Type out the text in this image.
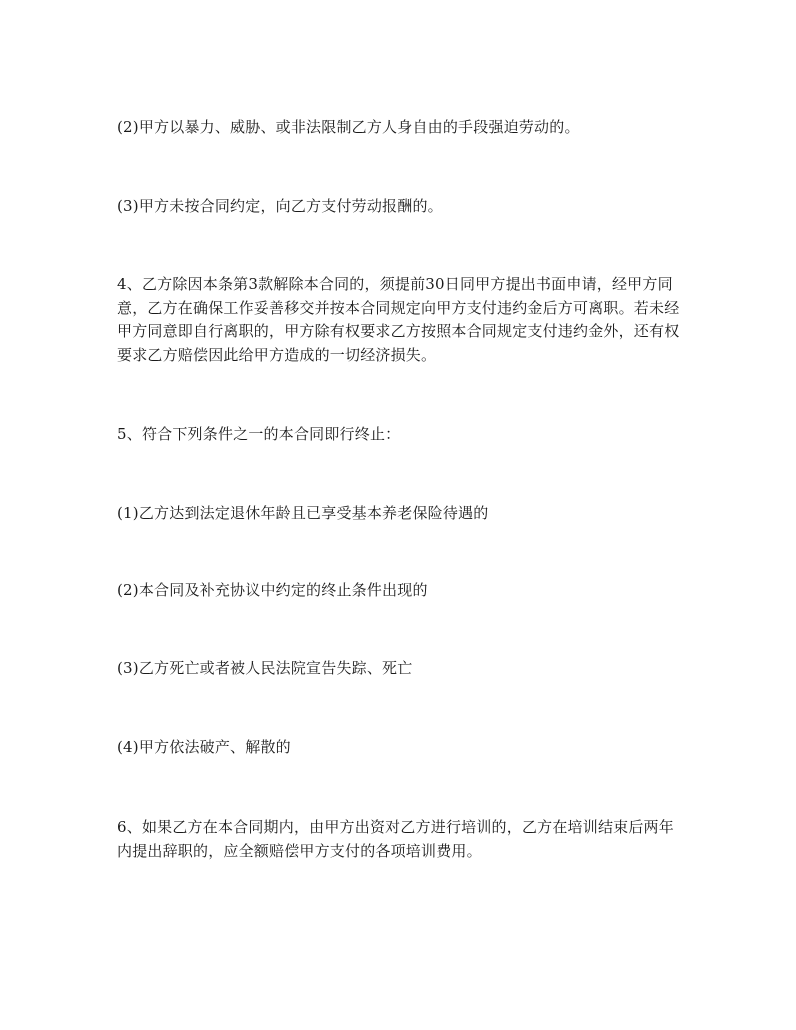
(2)甲方以暴力、威胁、或非法限制乙方人身自由的手段强迫劳动的。

(3)甲方未按合同约定，向乙方支付劳动报酬的。

4、乙方除因本条第3款解除本合同的，须提前30日同甲方提出书面申请，经甲方同意，乙方在确保工作妥善移交并按本合同规定向甲方支付违约金后方可离职。若未经甲方同意即自行离职的，甲方除有权要求乙方按照本合同规定支付违约金外，还有权要求乙方赔偿因此给甲方造成的一切经济损失。

5、符合下列条件之一的本合同即行终止：

(1)乙方达到法定退休年龄且已享受基本养老保险待遇的

(2)本合同及补充协议中约定的终止条件出现的

(3)乙方死亡或者被人民法院宣告失踪、死亡

(4)甲方依法破产、解散的

6、如果乙方在本合同期内，由甲方出资对乙方进行培训的，乙方在培训结束后两年内提出辞职的，应全额赔偿甲方支付的各项培训费用。
